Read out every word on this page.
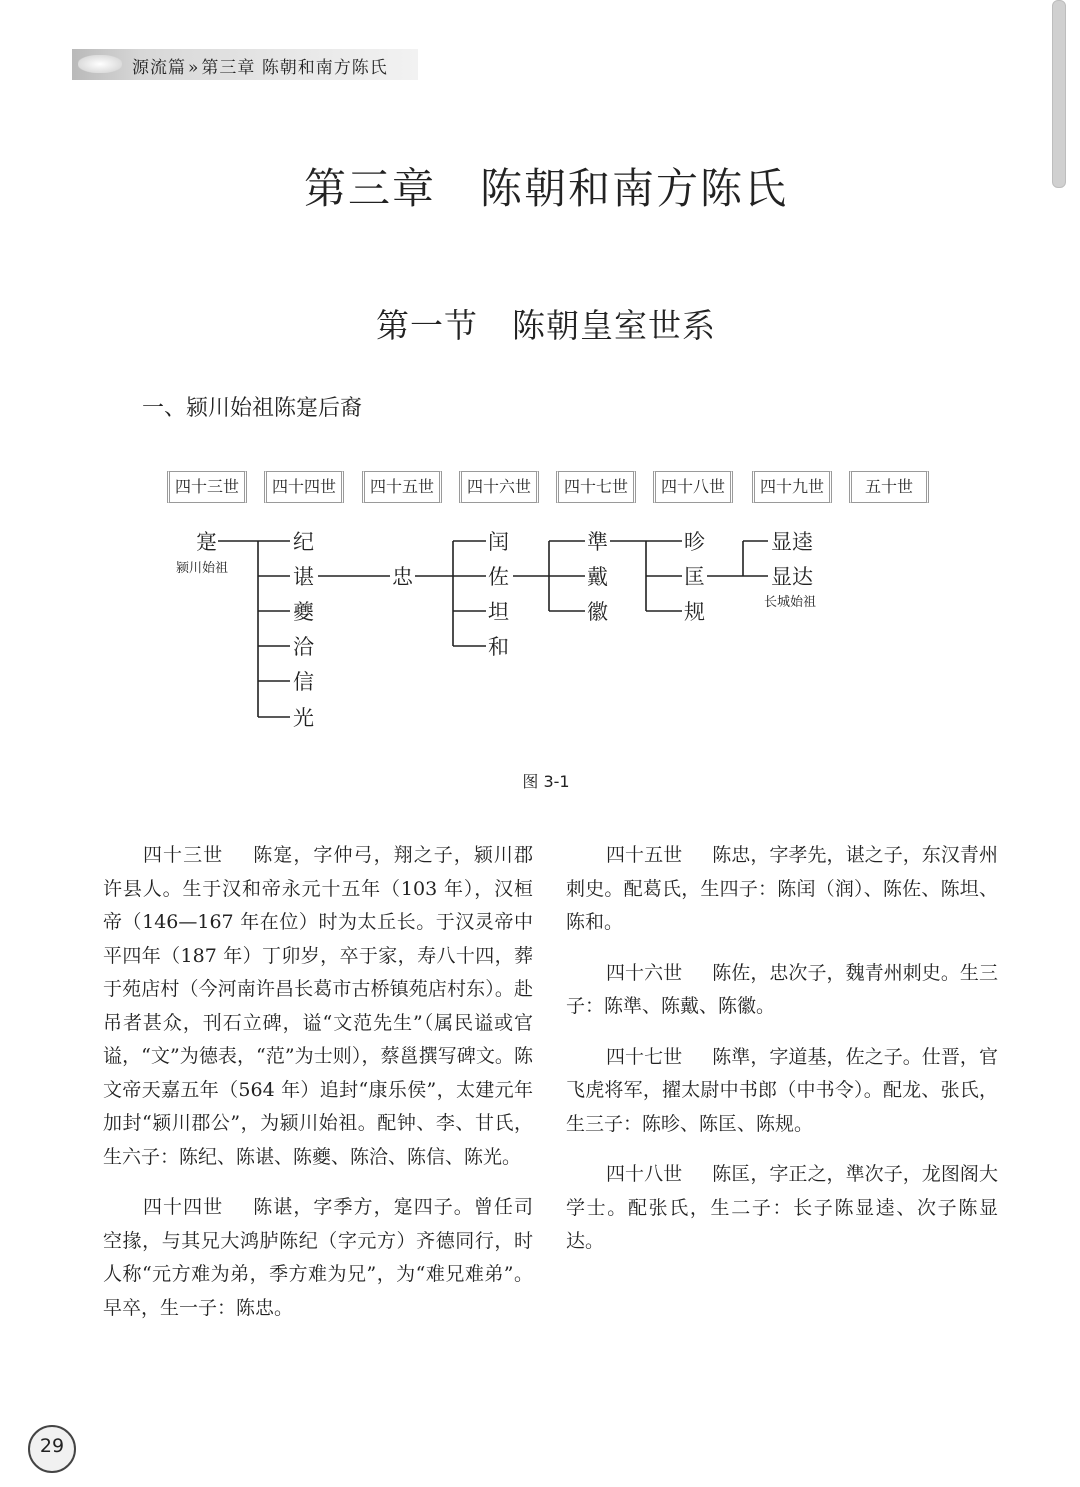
源流篇 » 第三章 陈朝和南方陈氏
第三章　陈朝和南方陈氏
第一节　陈朝皇室世系
一、颍川始祖陈寔后裔
四十三世	四十四世	四十五世	四十六世	四十七世	四十八世	四十九世	五十世
寔
颍川始祖
纪
谌
夔
洽
信
光
忠
闰
佐
坦
和
準
戴
徽
昣
匡
规
显逵
显达
长城始祖
图 3-1

四十三世 陈寔，字仲弓，翔之子，颍川郡许县人。生于汉和帝永元十五年（103 年），汉桓帝（146—167 年在位）时为太丘长。于汉灵帝中平四年（187 年）丁卯岁，卒于家，寿八十四，葬于苑店村（今河南许昌长葛市古桥镇苑店村东）。赴吊者甚众，刊石立碑，谥“文范先生”（属民谥或官谥，“文”为德表，“范”为士则），蔡邕撰写碑文。陈文帝天嘉五年（564 年）追封“康乐侯”，太建元年加封“颍川郡公”，为颍川始祖。配钟、李、甘氏，生六子：陈纪、陈谌、陈夔、陈洽、陈信、陈光。

四十四世 陈谌，字季方，寔四子。曾任司空掾，与其兄大鸿胪陈纪（字元方）齐德同行，时人称“元方难为弟，季方难为兄”，为“难兄难弟”。早卒，生一子：陈忠。

四十五世 陈忠，字孝先，谌之子，东汉青州刺史。配葛氏，生四子：陈闰（润）、陈佐、陈坦、陈和。

四十六世 陈佐，忠次子，魏青州刺史。生三子：陈準、陈戴、陈徽。

四十七世 陈準，字道基，佐之子。仕晋，官飞虎将军，擢太尉中书郎（中书令）。配龙、张氏，生三子：陈昣、陈匡、陈规。

四十八世 陈匡，字正之，準次子，龙图阁大学士。配张氏，生二子：长子陈显逵、次子陈显达。

29
